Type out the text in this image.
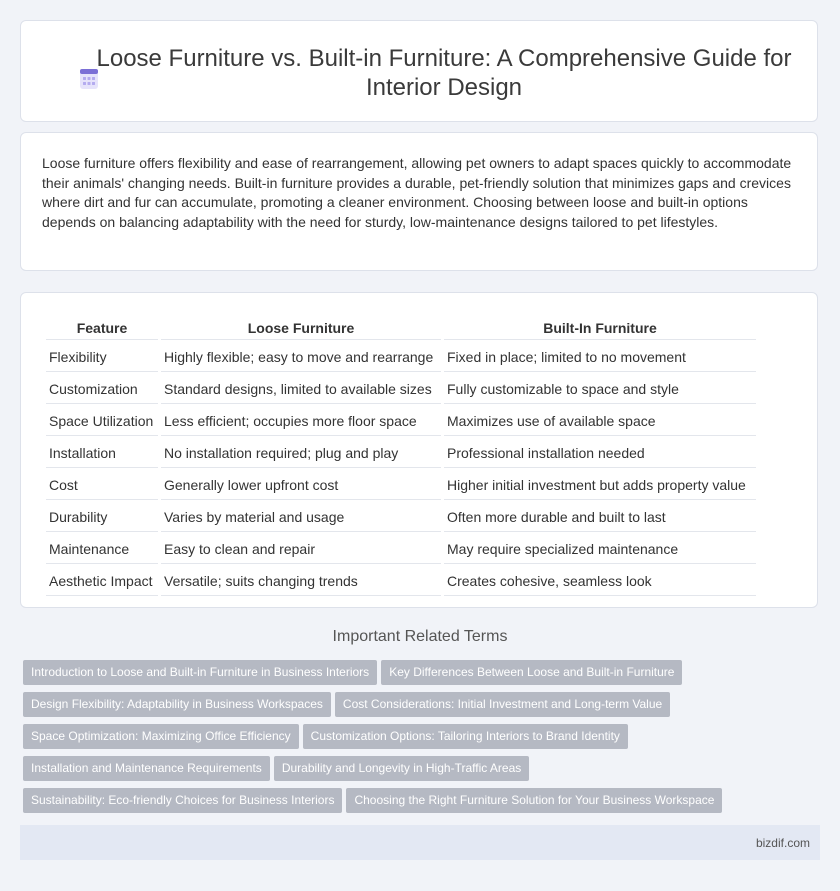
Loose Furniture vs. Built-in Furniture: A Comprehensive Guide for Interior Design

Loose furniture offers flexibility and ease of rearrangement, allowing pet owners to adapt spaces quickly to accommodate their animals' changing needs. Built-in furniture provides a durable, pet-friendly solution that minimizes gaps and crevices where dirt and fur can accumulate, promoting a cleaner environment. Choosing between loose and built-in options depends on balancing adaptability with the need for sturdy, low-maintenance designs tailored to pet lifestyles.

Feature	Loose Furniture	Built-In Furniture
Flexibility	Highly flexible; easy to move and rearrange	Fixed in place; limited to no movement
Customization	Standard designs, limited to available sizes	Fully customizable to space and style
Space Utilization	Less efficient; occupies more floor space	Maximizes use of available space
Installation	No installation required; plug and play	Professional installation needed
Cost	Generally lower upfront cost	Higher initial investment but adds property value
Durability	Varies by material and usage	Often more durable and built to last
Maintenance	Easy to clean and repair	May require specialized maintenance
Aesthetic Impact	Versatile; suits changing trends	Creates cohesive, seamless look
Important Related Terms
Introduction to Loose and Built-in Furniture in Business Interiors Key Differences Between Loose and Built-in Furniture
Design Flexibility: Adaptability in Business Workspaces Cost Considerations: Initial Investment and Long-term Value
Space Optimization: Maximizing Office Efficiency Customization Options: Tailoring Interiors to Brand Identity
Installation and Maintenance Requirements Durability and Longevity in High-Traffic Areas
Sustainability: Eco-friendly Choices for Business Interiors Choosing the Right Furniture Solution for Your Business Workspace
bizdif.com
